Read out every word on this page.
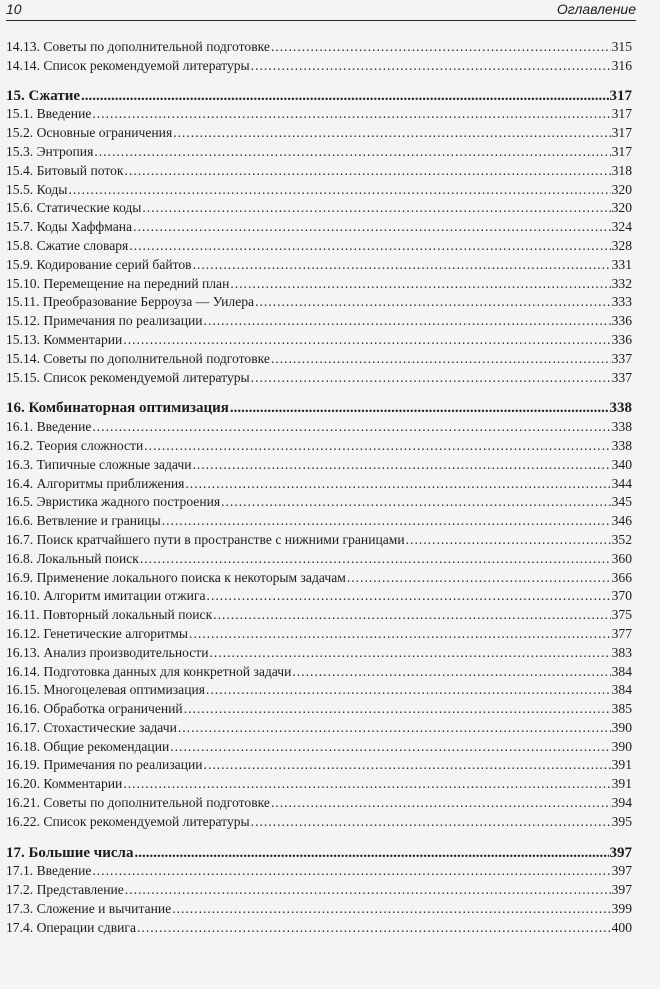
10	Оглавление
14.13. Советы по дополнительной подготовке .....	315
14.14. Список рекомендуемой литературы .....	316
15. Сжатие .....	317
15.1. Введение .....	317
15.2. Основные ограничения .....	317
15.3. Энтропия .....	317
15.4. Битовый поток .....	318
15.5. Коды .....	320
15.6. Статические коды .....	320
15.7. Коды Хаффмана .....	324
15.8. Сжатие словаря .....	328
15.9. Кодирование серий байтов .....	331
15.10. Перемещение на передний план .....	332
15.11. Преобразование Берроуза — Уилера .....	333
15.12. Примечания по реализации .....	336
15.13. Комментарии .....	336
15.14. Советы по дополнительной подготовке .....	337
15.15. Список рекомендуемой литературы .....	337
16. Комбинаторная оптимизация .....	338
16.1. Введение .....	338
16.2. Теория сложности .....	338
16.3. Типичные сложные задачи .....	340
16.4. Алгоритмы приближения .....	344
16.5. Эвристика жадного построения .....	345
16.6. Ветвление и границы .....	346
16.7. Поиск кратчайшего пути в пространстве с нижними границами .....	352
16.8. Локальный поиск .....	360
16.9. Применение локального поиска к некоторым задачам .....	366
16.10. Алгоритм имитации отжига .....	370
16.11. Повторный локальный поиск .....	375
16.12. Генетические алгоритмы .....	377
16.13. Анализ производительности .....	383
16.14. Подготовка данных для конкретной задачи .....	384
16.15. Многоцелевая оптимизация .....	384
16.16. Обработка ограничений .....	385
16.17. Стохастические задачи .....	390
16.18. Общие рекомендации .....	390
16.19. Примечания по реализации .....	391
16.20. Комментарии .....	391
16.21. Советы по дополнительной подготовке .....	394
16.22. Список рекомендуемой литературы .....	395
17. Большие числа .....	397
17.1. Введение .....	397
17.2. Представление .....	397
17.3. Сложение и вычитание .....	399
17.4. Операции сдвига .....	400
